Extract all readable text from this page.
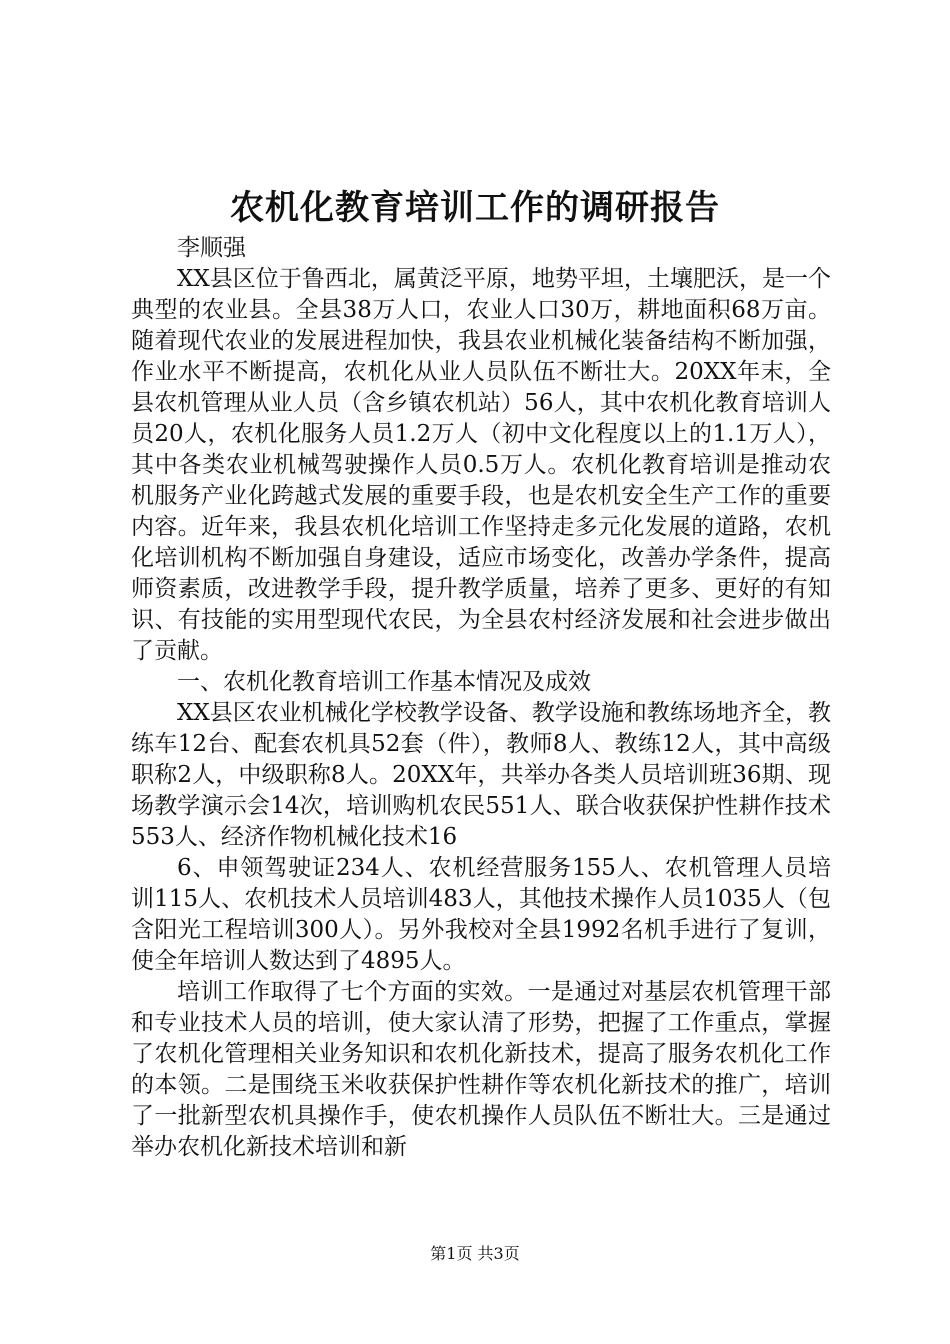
农机化教育培训工作的调研报告

李顺强

XX县区位于鲁西北，属黄泛平原，地势平坦，土壤肥沃，是一个典型的农业县。全县38万人口，农业人口30万，耕地面积68万亩。随着现代农业的发展进程加快，我县农业机械化装备结构不断加强，作业水平不断提高，农机化从业人员队伍不断壮大。20XX年末，全县农机管理从业人员（含乡镇农机站）56人，其中农机化教育培训人员20人，农机化服务人员1.2万人（初中文化程度以上的1.1万人），其中各类农业机械驾驶操作人员0.5万人。农机化教育培训是推动农机服务产业化跨越式发展的重要手段，也是农机安全生产工作的重要内容。近年来，我县农机化培训工作坚持走多元化发展的道路，农机化培训机构不断加强自身建设，适应市场变化，改善办学条件，提高师资素质，改进教学手段，提升教学质量，培养了更多、更好的有知识、有技能的实用型现代农民，为全县农村经济发展和社会进步做出了贡献。

一、农机化教育培训工作基本情况及成效

XX县区农业机械化学校教学设备、教学设施和教练场地齐全，教练车12台、配套农机具52套（件），教师8人、教练12人，其中高级职称2人，中级职称8人。20XX年，共举办各类人员培训班36期、现场教学演示会14次，培训购机农民551人、联合收获保护性耕作技术553人、经济作物机械化技术16

6、申领驾驶证234人、农机经营服务155人、农机管理人员培训115人、农机技术人员培训483人，其他技术操作人员1035人（包含阳光工程培训300人）。另外我校对全县1992名机手进行了复训，使全年培训人数达到了4895人。

培训工作取得了七个方面的实效。一是通过对基层农机管理干部和专业技术人员的培训，使大家认清了形势，把握了工作重点，掌握了农机化管理相关业务知识和农机化新技术，提高了服务农机化工作的本领。二是围绕玉米收获保护性耕作等农机化新技术的推广，培训了一批新型农机具操作手，使农机操作人员队伍不断壮大。三是通过举办农机化新技术培训和新

第1页 共3页
